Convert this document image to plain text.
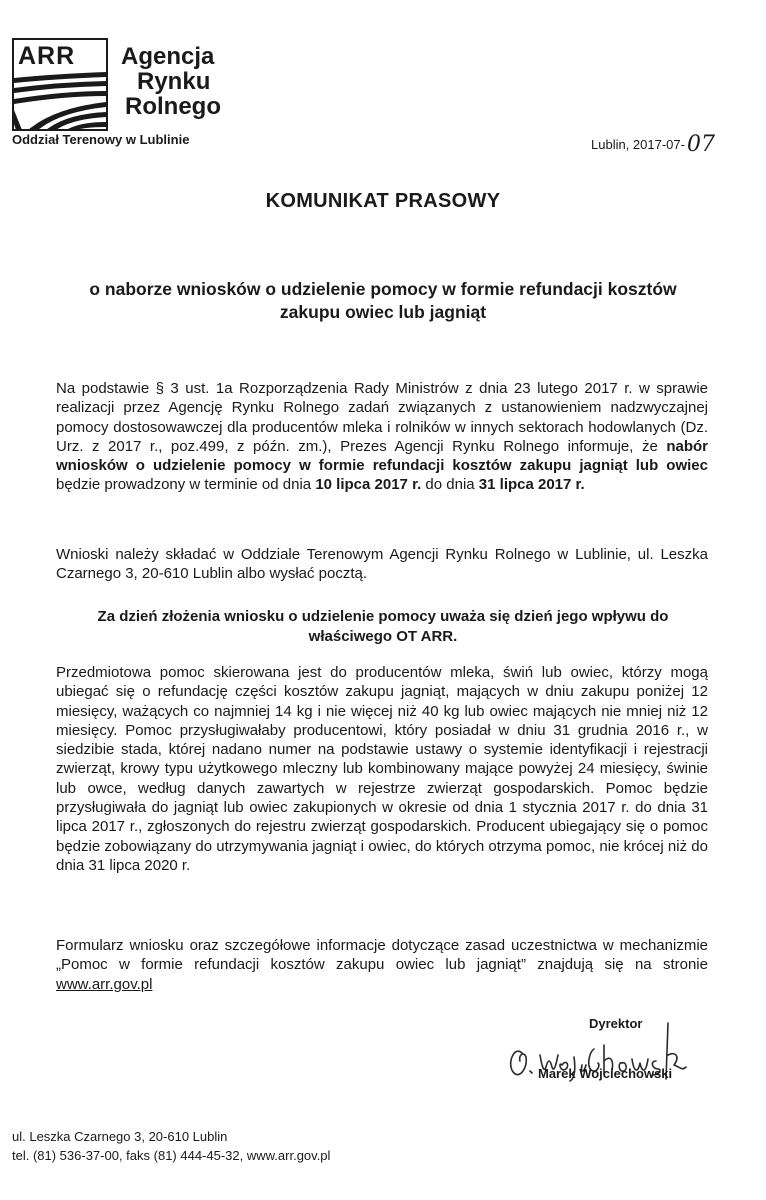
ARR Agencja
Rynku
Rolnego
Oddział Terenowy w Lublinie	Lublin, 2017-07-07
KOMUNIKAT PRASOWY
o naborze wniosków o udzielenie pomocy w formie refundacji kosztów zakupu owiec lub jagniąt
Na podstawie § 3 ust. 1a Rozporządzenia Rady Ministrów z dnia 23 lutego 2017 r. w sprawie realizacji przez Agencję Rynku Rolnego zadań związanych z ustanowieniem nadzwyczajnej pomocy dostosowawczej dla producentów mleka i rolników w innych sektorach hodowlanych (Dz. Urz. z 2017 r., poz.499, z późn. zm.), Prezes Agencji Rynku Rolnego informuje, że nabór wniosków o udzielenie pomocy w formie refundacji kosztów zakupu jagniąt lub owiec będzie prowadzony w terminie od dnia 10 lipca 2017 r. do dnia 31 lipca 2017 r.
Wnioski należy składać w Oddziale Terenowym Agencji Rynku Rolnego w Lublinie, ul. Leszka Czarnego 3, 20-610 Lublin albo wysłać pocztą.
Za dzień złożenia wniosku o udzielenie pomocy uważa się dzień jego wpływu do właściwego OT ARR.
Przedmiotowa pomoc skierowana jest do producentów mleka, świń lub owiec, którzy mogą ubiegać się o refundację części kosztów zakupu jagniąt, mających w dniu zakupu poniżej 12 miesięcy, ważących co najmniej 14 kg i nie więcej niż 40 kg lub owiec mających nie mniej niż 12 miesięcy. Pomoc przysługiwałaby producentowi, który posiadał w dniu 31 grudnia 2016 r., w siedzibie stada, której nadano numer na podstawie ustawy o systemie identyfikacji i rejestracji zwierząt, krowy typu użytkowego mleczny lub kombinowany mające powyżej 24 miesięcy, świnie lub owce, według danych zawartych w rejestrze zwierząt gospodarskich. Pomoc będzie przysługiwała do jagniąt lub owiec zakupionych w okresie od dnia 1 stycznia 2017 r. do dnia 31 lipca 2017 r., zgłoszonych do rejestru zwierząt gospodarskich. Producent ubiegający się o pomoc będzie zobowiązany do utrzymywania jagniąt i owiec, do których otrzyma pomoc, nie krócej niż do dnia 31 lipca 2020 r.
Formularz wniosku oraz szczegółowe informacje dotyczące zasad uczestnictwa w mechanizmie „Pomoc w formie refundacji kosztów zakupu owiec lub jagniąt” znajdują się na stronie www.arr.gov.pl
Dyrektor
Marek Wojciechowski
ul. Leszka Czarnego 3, 20-610 Lublin
tel. (81) 536-37-00, faks (81) 444-45-32, www.arr.gov.pl
